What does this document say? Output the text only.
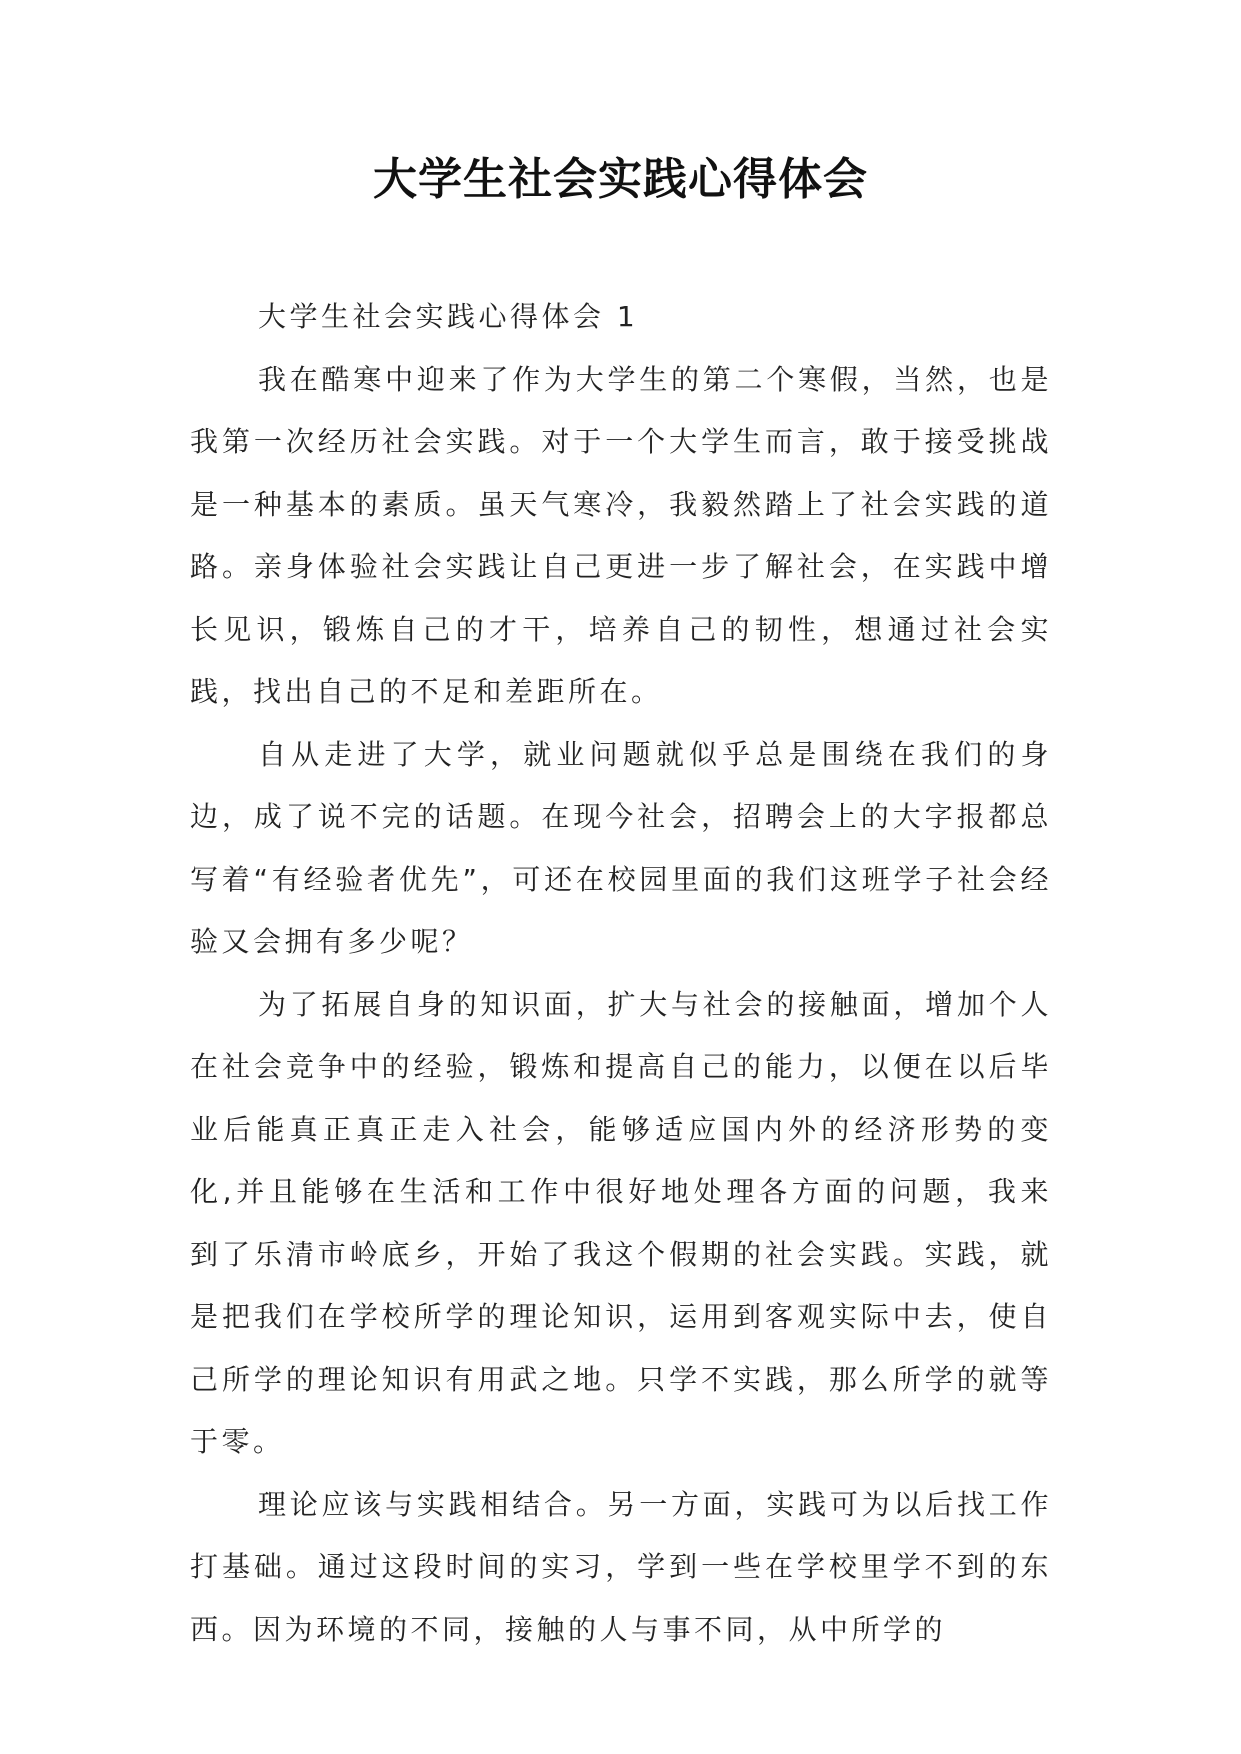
大学生社会实践心得体会

大学生社会实践心得体会 1

我在酷寒中迎来了作为大学生的第二个寒假，当然，也是我第一次经历社会实践。对于一个大学生而言，敢于接受挑战是一种基本的素质。虽天气寒冷，我毅然踏上了社会实践的道路。亲身体验社会实践让自己更进一步了解社会，在实践中增长见识，锻炼自己的才干，培养自己的韧性，想通过社会实践，找出自己的不足和差距所在。

自从走进了大学，就业问题就似乎总是围绕在我们的身边，成了说不完的话题。在现今社会，招聘会上的大字报都总写着“有经验者优先”，可还在校园里面的我们这班学子社会经验又会拥有多少呢？

为了拓展自身的知识面，扩大与社会的接触面，增加个人在社会竞争中的经验，锻炼和提高自己的能力，以便在以后毕业后能真正真正走入社会，能够适应国内外的经济形势的变化,并且能够在生活和工作中很好地处理各方面的问题，我来到了乐清市岭底乡，开始了我这个假期的社会实践。实践，就是把我们在学校所学的理论知识，运用到客观实际中去，使自己所学的理论知识有用武之地。只学不实践，那么所学的就等于零。

理论应该与实践相结合。另一方面，实践可为以后找工作打基础。通过这段时间的实习，学到一些在学校里学不到的东西。因为环境的不同，接触的人与事不同，从中所学的
